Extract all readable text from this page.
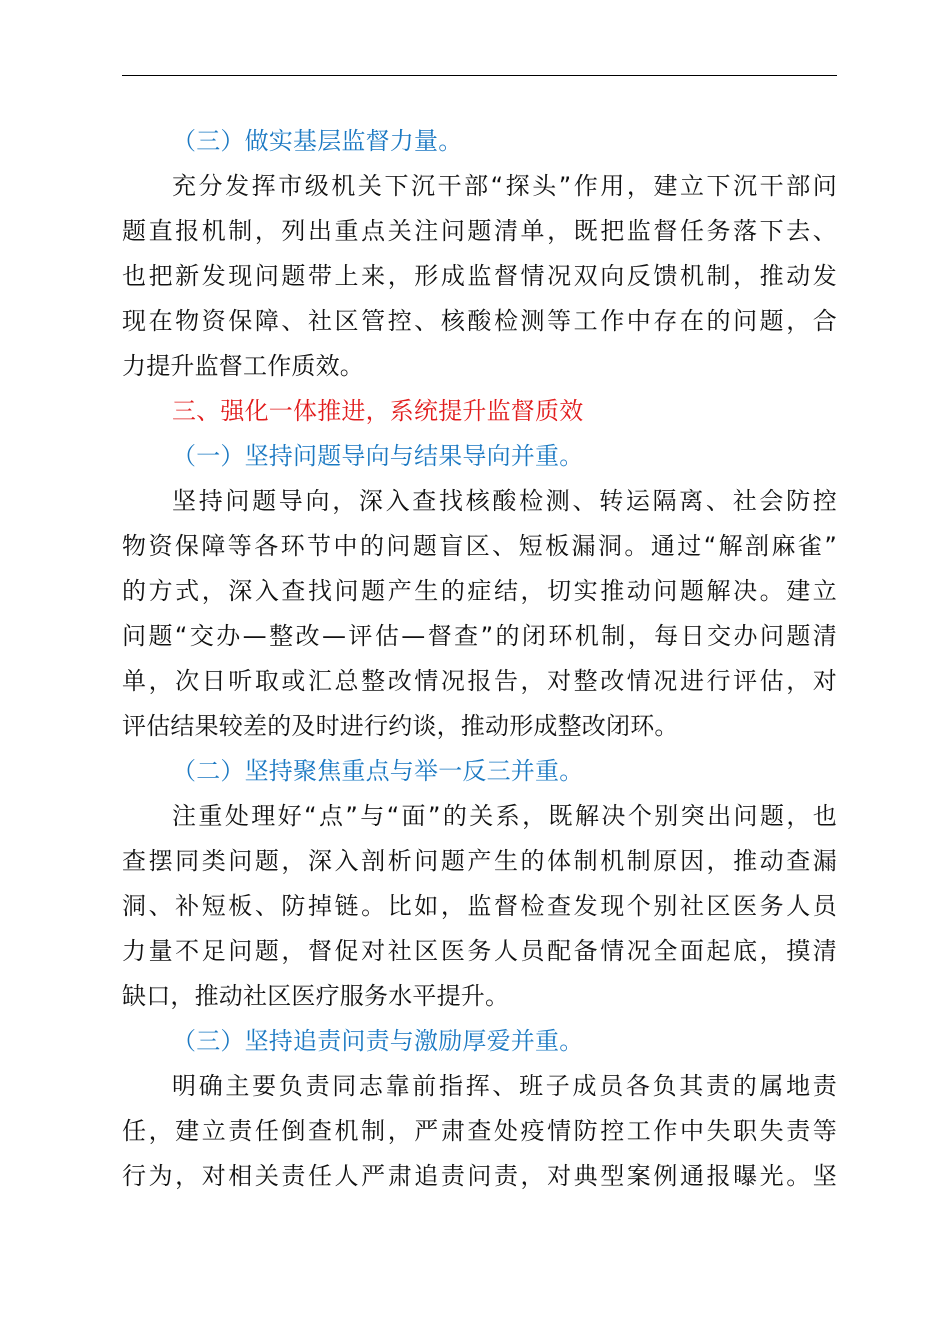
（三）做实基层监督力量。
充分发挥市级机关下沉干部“探头”作用，建立下沉干部问
题直报机制，列出重点关注问题清单，既把监督任务落下去、
也把新发现问题带上来，形成监督情况双向反馈机制，推动发
现在物资保障、社区管控、核酸检测等工作中存在的问题，合
力提升监督工作质效。
三、强化一体推进，系统提升监督质效
（一）坚持问题导向与结果导向并重。
坚持问题导向，深入查找核酸检测、转运隔离、社会防控
物资保障等各环节中的问题盲区、短板漏洞。通过“解剖麻雀”
的方式，深入查找问题产生的症结，切实推动问题解决。建立
问题“交办—整改—评估—督查”的闭环机制，每日交办问题清
单，次日听取或汇总整改情况报告，对整改情况进行评估，对
评估结果较差的及时进行约谈，推动形成整改闭环。
（二）坚持聚焦重点与举一反三并重。
注重处理好“点”与“面”的关系，既解决个别突出问题，也
查摆同类问题，深入剖析问题产生的体制机制原因，推动查漏
洞、补短板、防掉链。比如，监督检查发现个别社区医务人员
力量不足问题，督促对社区医务人员配备情况全面起底，摸清
缺口，推动社区医疗服务水平提升。
（三）坚持追责问责与激励厚爱并重。
明确主要负责同志靠前指挥、班子成员各负其责的属地责
任，建立责任倒查机制，严肃查处疫情防控工作中失职失责等
行为，对相关责任人严肃追责问责，对典型案例通报曝光。坚
